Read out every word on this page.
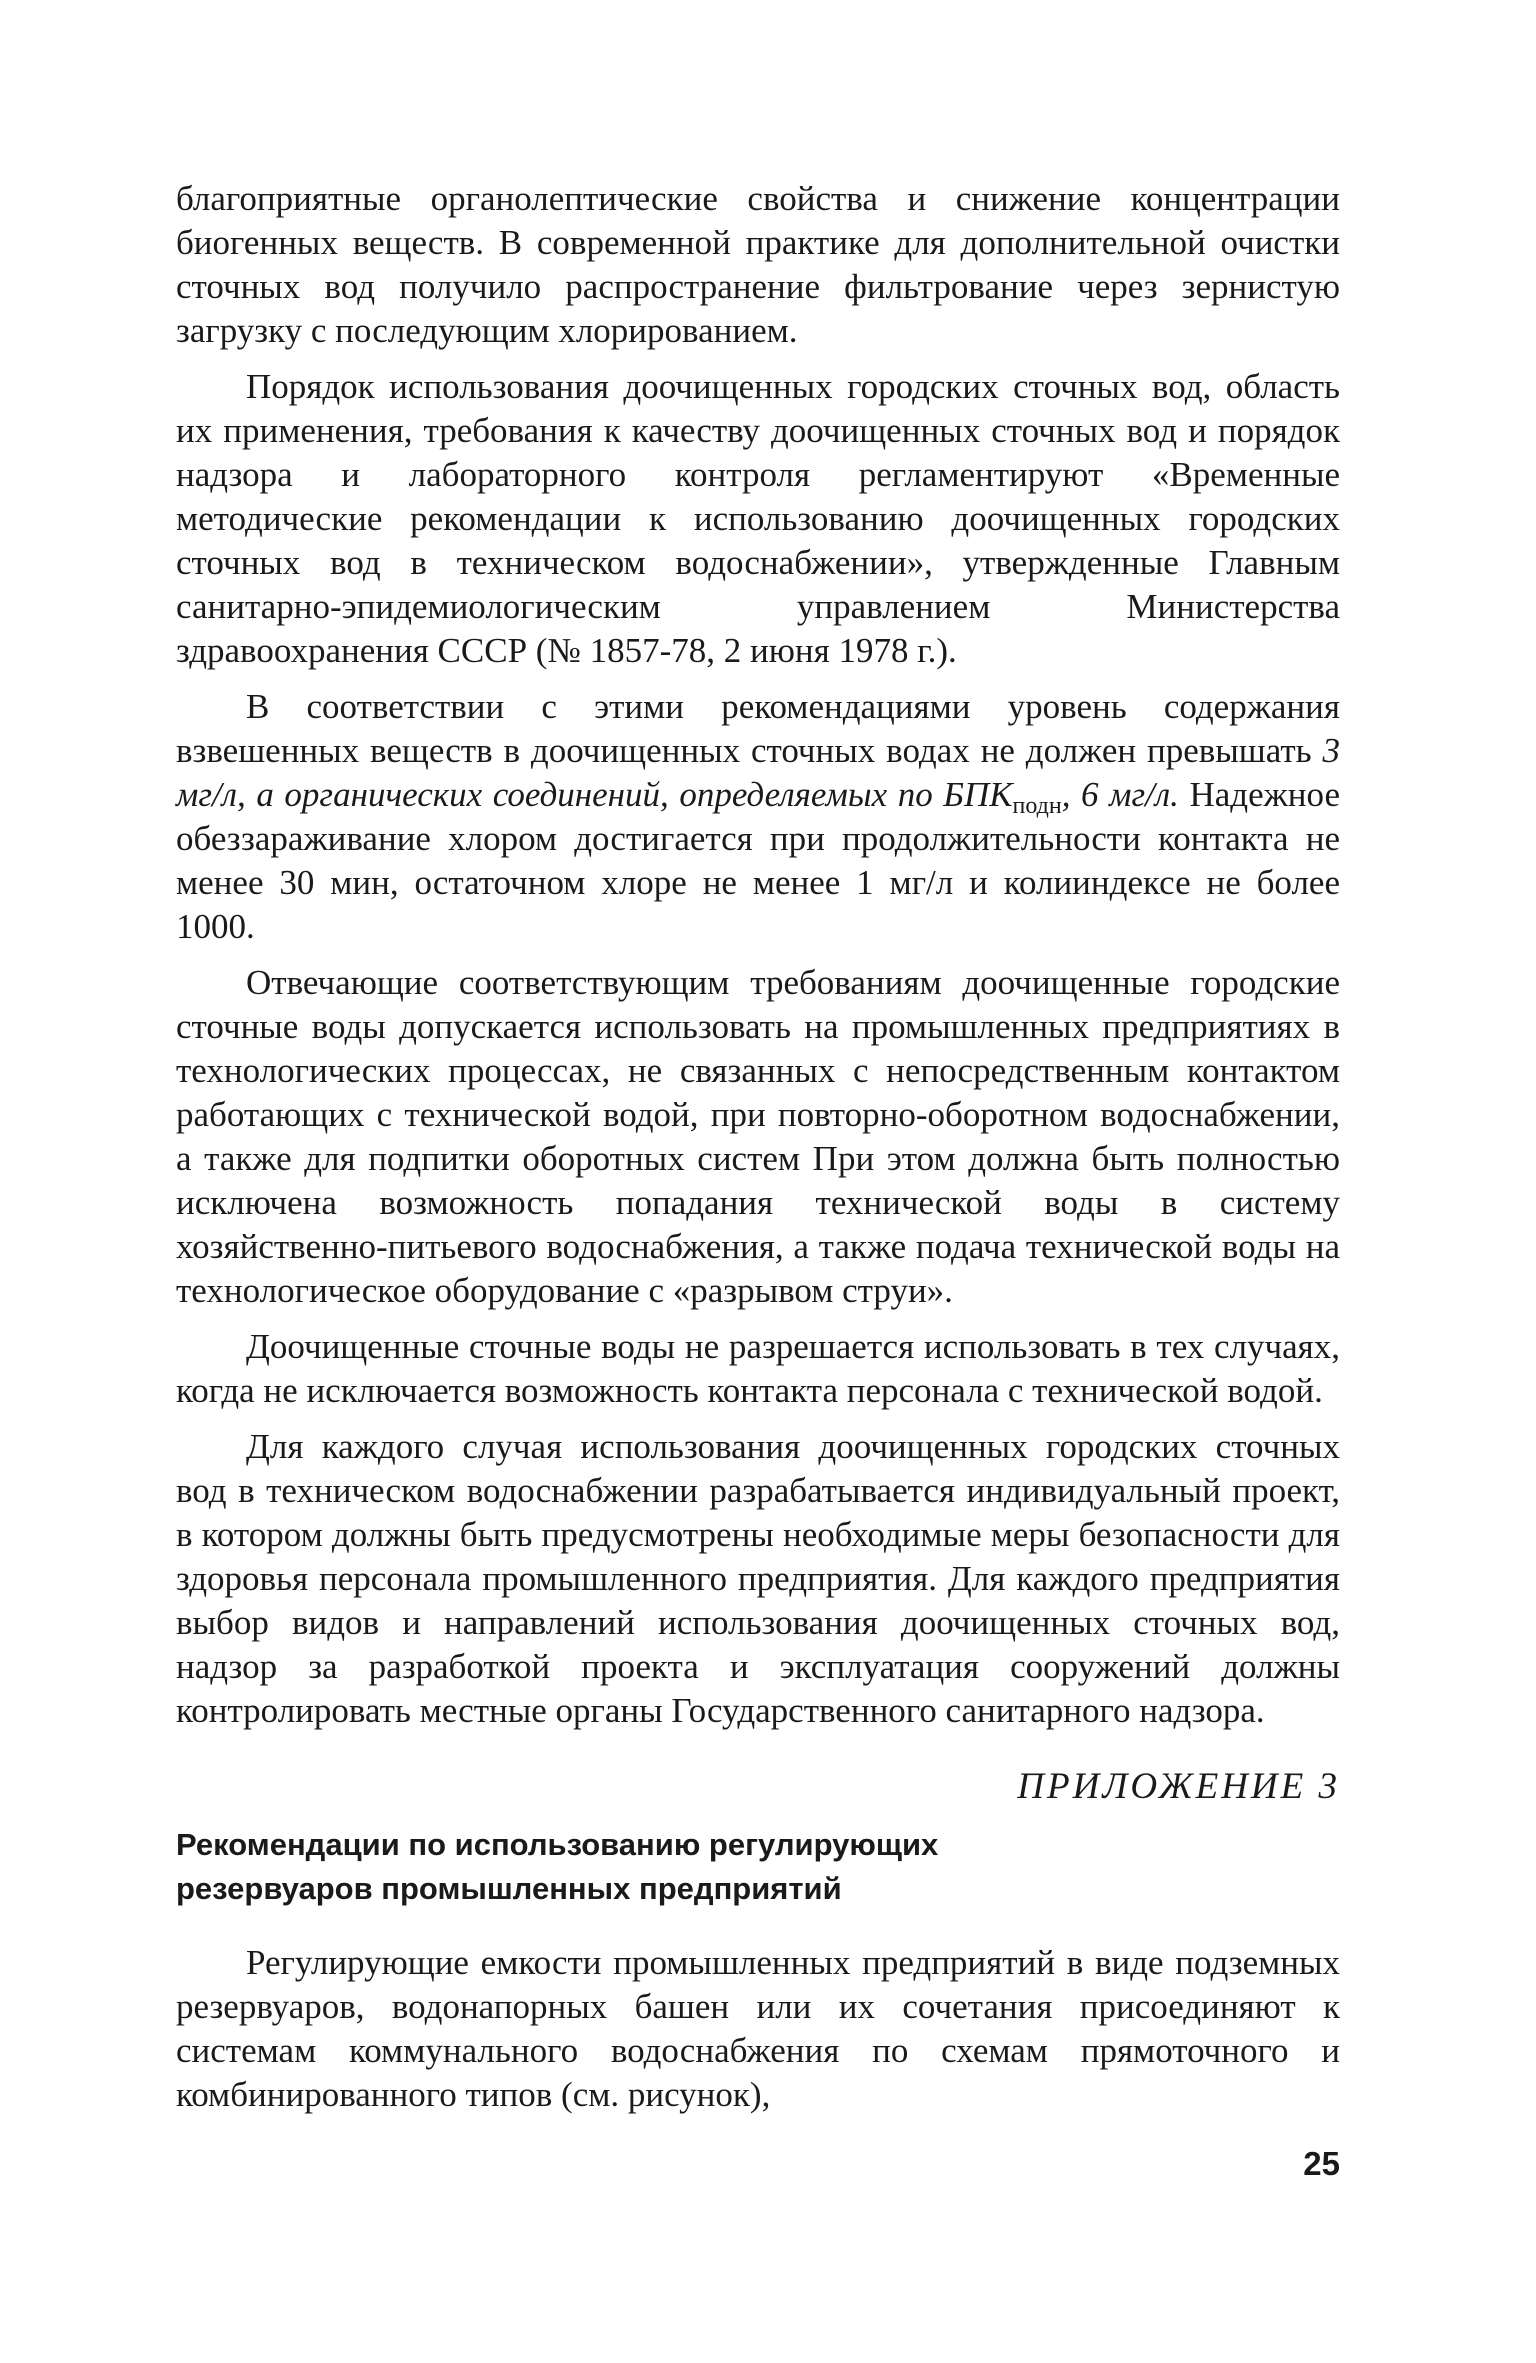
благоприятные органолептические свойства и снижение концентрации биогенных веществ. В современной практике для дополнительной очистки сточных вод получило распространение фильтрование через зернистую загрузку с последующим хлорированием.

Порядок использования доочищенных городских сточных вод, область их применения, требования к качеству доочищенных сточных вод и порядок надзора и лабораторного контроля регламентируют «Временные методические рекомендации к использованию доочищенных городских сточных вод в техническом водоснабжении», утвержденные Главным санитарно-эпидемиологическим управлением Министерства здравоохранения СССР (№ 1857-78, 2 июня 1978 г.).

В соответствии с этими рекомендациями уровень содержания взвешенных веществ в доочищенных сточных водах не должен превышать 3 мг/л, а органических соединений, определяемых по $БПК_{подн}$, 6 мг/л. Надежное обеззараживание хлором достигается при продолжительности контакта не менее 30 мин, остаточном хлоре не менее 1 мг/л и колииндексе не более 1000.

Отвечающие соответствующим требованиям доочищенные городские сточные воды допускается использовать на промышленных предприятиях в технологических процессах, не связанных с непосредственным контактом работающих с технической водой, при повторно-оборотном водоснабжении, а также для подпитки оборотных систем При этом должна быть полностью исключена возможность попадания технической воды в систему хозяйственно-питьевого водоснабжения, а также подача технической воды на технологическое оборудование с «разрывом струи».

Доочищенные сточные воды не разрешается использовать в тех случаях, когда не исключается возможность контакта персонала с технической водой.

Для каждого случая использования доочищенных городских сточных вод в техническом водоснабжении разрабатывается индивидуальный проект, в котором должны быть предусмотрены необходимые меры безопасности для здоровья персонала промышленного предприятия. Для каждого предприятия выбор видов и направлений использования доочищенных сточных вод, надзор за разработкой проекта и эксплуатация сооружений должны контролировать местные органы Государственного санитарного надзора.

ПРИЛОЖЕНИЕ 3
Рекомендации по использованию регулирующих
резервуаров промышленных предприятий

Регулирующие емкости промышленных предприятий в виде подземных резервуаров, водонапорных башен или их сочетания присоединяют к системам коммунального водоснабжения по схемам прямоточного и комбинированного типов (см. рисунок),

25
